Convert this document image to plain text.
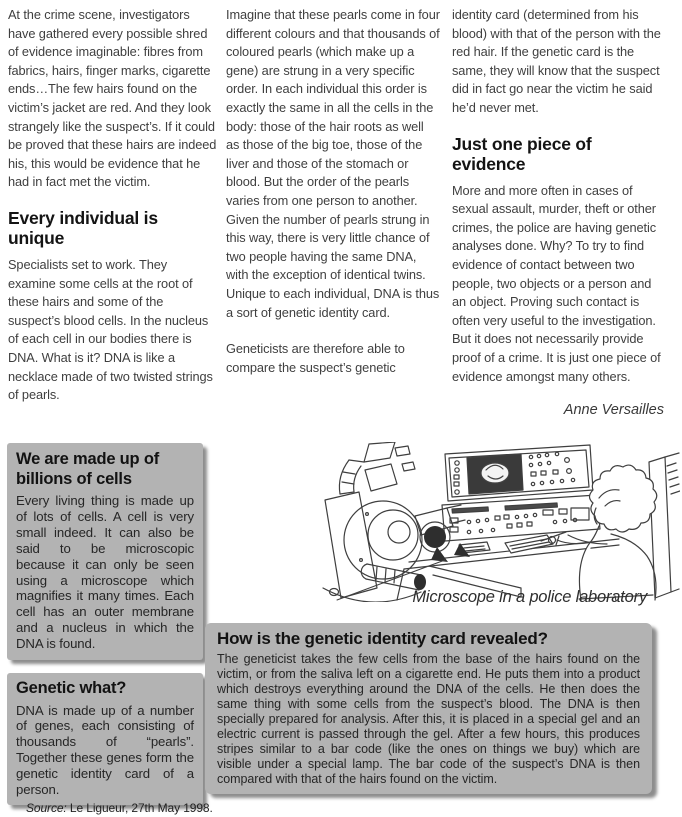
At the crime scene, investigators have gathered every possible shred of evidence imaginable: fibres from fabrics, hairs, finger marks, cigarette ends…The few hairs found on the victim’s jacket are red. And they look strangely like the suspect’s. If it could be proved that these hairs are indeed his, this would be evidence that he had in fact met the victim.

Every individual is unique

Specialists set to work. They examine some cells at the root of these hairs and some of the suspect’s blood cells. In the nucleus of each cell in our bodies there is DNA. What is it? DNA is like a necklace made of two twisted strings of pearls.

Imagine that these pearls come in four different colours and that thousands of coloured pearls (which make up a gene) are strung in a very specific order. In each individual this order is exactly the same in all the cells in the body: those of the hair roots as well as those of the big toe, those of the liver and those of the stomach or blood. But the order of the pearls varies from one person to another. Given the number of pearls strung in this way, there is very little chance of two people having the same DNA, with the exception of identical twins. Unique to each individual, DNA is thus a sort of genetic identity card.

Geneticists are therefore able to compare the suspect’s genetic

identity card (determined from his blood) with that of the person with the red hair. If the genetic card is the same, they will know that the suspect did in fact go near the victim he said he’d never met.

Just one piece of evidence

More and more often in cases of sexual assault, murder, theft or other crimes, the police are having genetic analyses done. Why? To try to find evidence of contact between two people, two objects or a person and an object. Proving such contact is often very useful to the investigation. But it does not necessarily provide proof of a crime. It is just one piece of evidence amongst many others.

Anne Versailles
We are made up of billions of cells

Every living thing is made up of lots of cells. A cell is very small indeed. It can also be said to be microscopic because it can only be seen using a microscope which magnifies it many times. Each cell has an outer membrane and a nucleus in which the DNA is found.

Genetic what?

DNA is made up of a number of genes, each consisting of thousands of “pearls”. Together these genes form the genetic identity card of a person.

Microscope in a police laboratory
How is the genetic identity card revealed?

The geneticist takes the few cells from the base of the hairs found on the victim, or from the saliva left on a cigarette end. He puts them into a product which destroys everything around the DNA of the cells. He then does the same thing with some cells from the suspect’s blood. The DNA is then specially prepared for analysis. After this, it is placed in a special gel and an electric current is passed through the gel. After a few hours, this produces stripes similar to a bar code (like the ones on things we buy) which are visible under a special lamp. The bar code of the suspect’s DNA is then compared with that of the hairs found on the victim.

Source: Le Ligueur, 27th May 1998.
